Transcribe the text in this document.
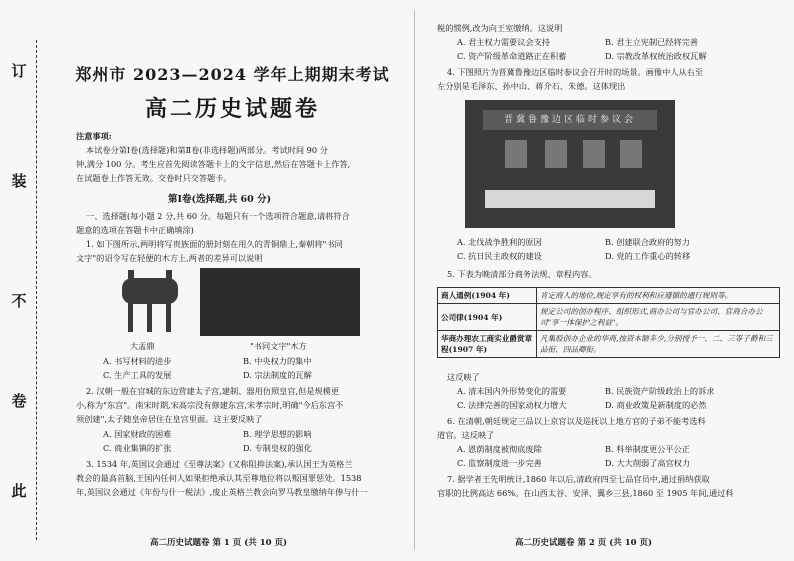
订
装
不
卷
此
郑州市 2023—2024 学年上期期末考试
高二历史试题卷
注意事项:
本试卷分第Ⅰ卷(选择题)和第Ⅱ卷(非选择题)两部分。考试时间 90 分
钟,满分 100 分。考生应首先阅读答题卡上的文字信息,然后在答题卡上作答,
在试题卷上作答无效。交卷时只交答题卡。
第Ⅰ卷(选择题,共 60 分)
一、选择题(每小题 2 分,共 60 分。每题只有一个选项符合题意,请将符合
题意的选项在答题卡中正确填涂)
1. 如下图所示,两明将写贵族面的册封刻在用久的青铜鼎上,秦朝将"书同
文字"的诏令写在轻便的木方上,两者的差异可以说明
大盂鼎	"书同文字"木方
A. 书写材料的进步	B. 中央权力的集中
C. 生产工具的发展	D. 宗法制度的瓦解
2. 汉朝一般在宫城的东边营建太子宫,建制、器用仿照皇宫,但是规模更
小,称为"东宫"。南宋时期,宋高宗没有修建东宫,宋孝宗时,明确"今后东宫不
须创建",太子随皇帝居住在皇宫里面。这主要反映了
A. 国家财政的困难	B. 理学思想的影响
C. 商业集镇的扩张	D. 专制皇权的强化
3. 1534 年,英国议会通过《至尊法案》(又称阻抑法案),承认国王为英格兰
教会的最高首脑,王国内任何人如果拒绝承认其至尊地位将以叛国罪惩处。1538
年,英国议会通过《年份与什一税法》,废止英格兰教会向罗马教皇缴纳年俸与什一
高二历史试题卷 第 1 页 (共 10 页)
税的惯例,改为向王室缴纳。这说明
A. 君主权力需要议会支持	B. 君主立宪制已经将完善
C. 资产阶级革命道路正在积蓄	D. 宗教改革权统治政权瓦解
4. 下图照片为晋冀鲁豫边区临时参议会召开时的场景。画像中人从右至
左分别是毛泽东、孙中山、蒋介石、朱德。这体现出
晋冀鲁豫边区临时参议会
A. 北伐战争胜利的原因	B. 创建联合政府的努力
C. 抗日民主政权的建设	D. 党的工作重心的转移
5. 下表为晚清部分商务法规、章程内容。
商人通例(1904 年)	肯定商人的地位,规定享有的权利和应遵循的通行规则等。
公司律(1904 年)	规定公司的创办程序、组织形式,商办公司与官办公司、官商合办公司"享一体保护之利益"。
华商办理农工商实业爵赏章程(1907 年)	凡集股创办企业的华商,按资本额多少,分别授予一、二、三等子爵和三品衔、四品卿衔。
这反映了
A. 清末国内外形势变化的需要	B. 民族资产阶级政治上的诉求
C. 法律完善的国家动权力增大	D. 商业政策是新制度的必然
6. 在清朝,朝廷规定三品以上京官以及巡抚以上地方官的子弟不能考选科
道官。这反映了
A. 恩荫制度被彻底废除	B. 科举制度更公平公正
C. 监察制度进一步完善	D. 大大削弱了高官权力
7. 据学者王先明统计,1860 年以后,清政府四至七品官员中,通过捐纳获取
官职的比例高达 66%。在山西太谷、安泽、翼乡三县,1860 至 1905 年间,通过科
高二历史试题卷 第 2 页 (共 10 页)
